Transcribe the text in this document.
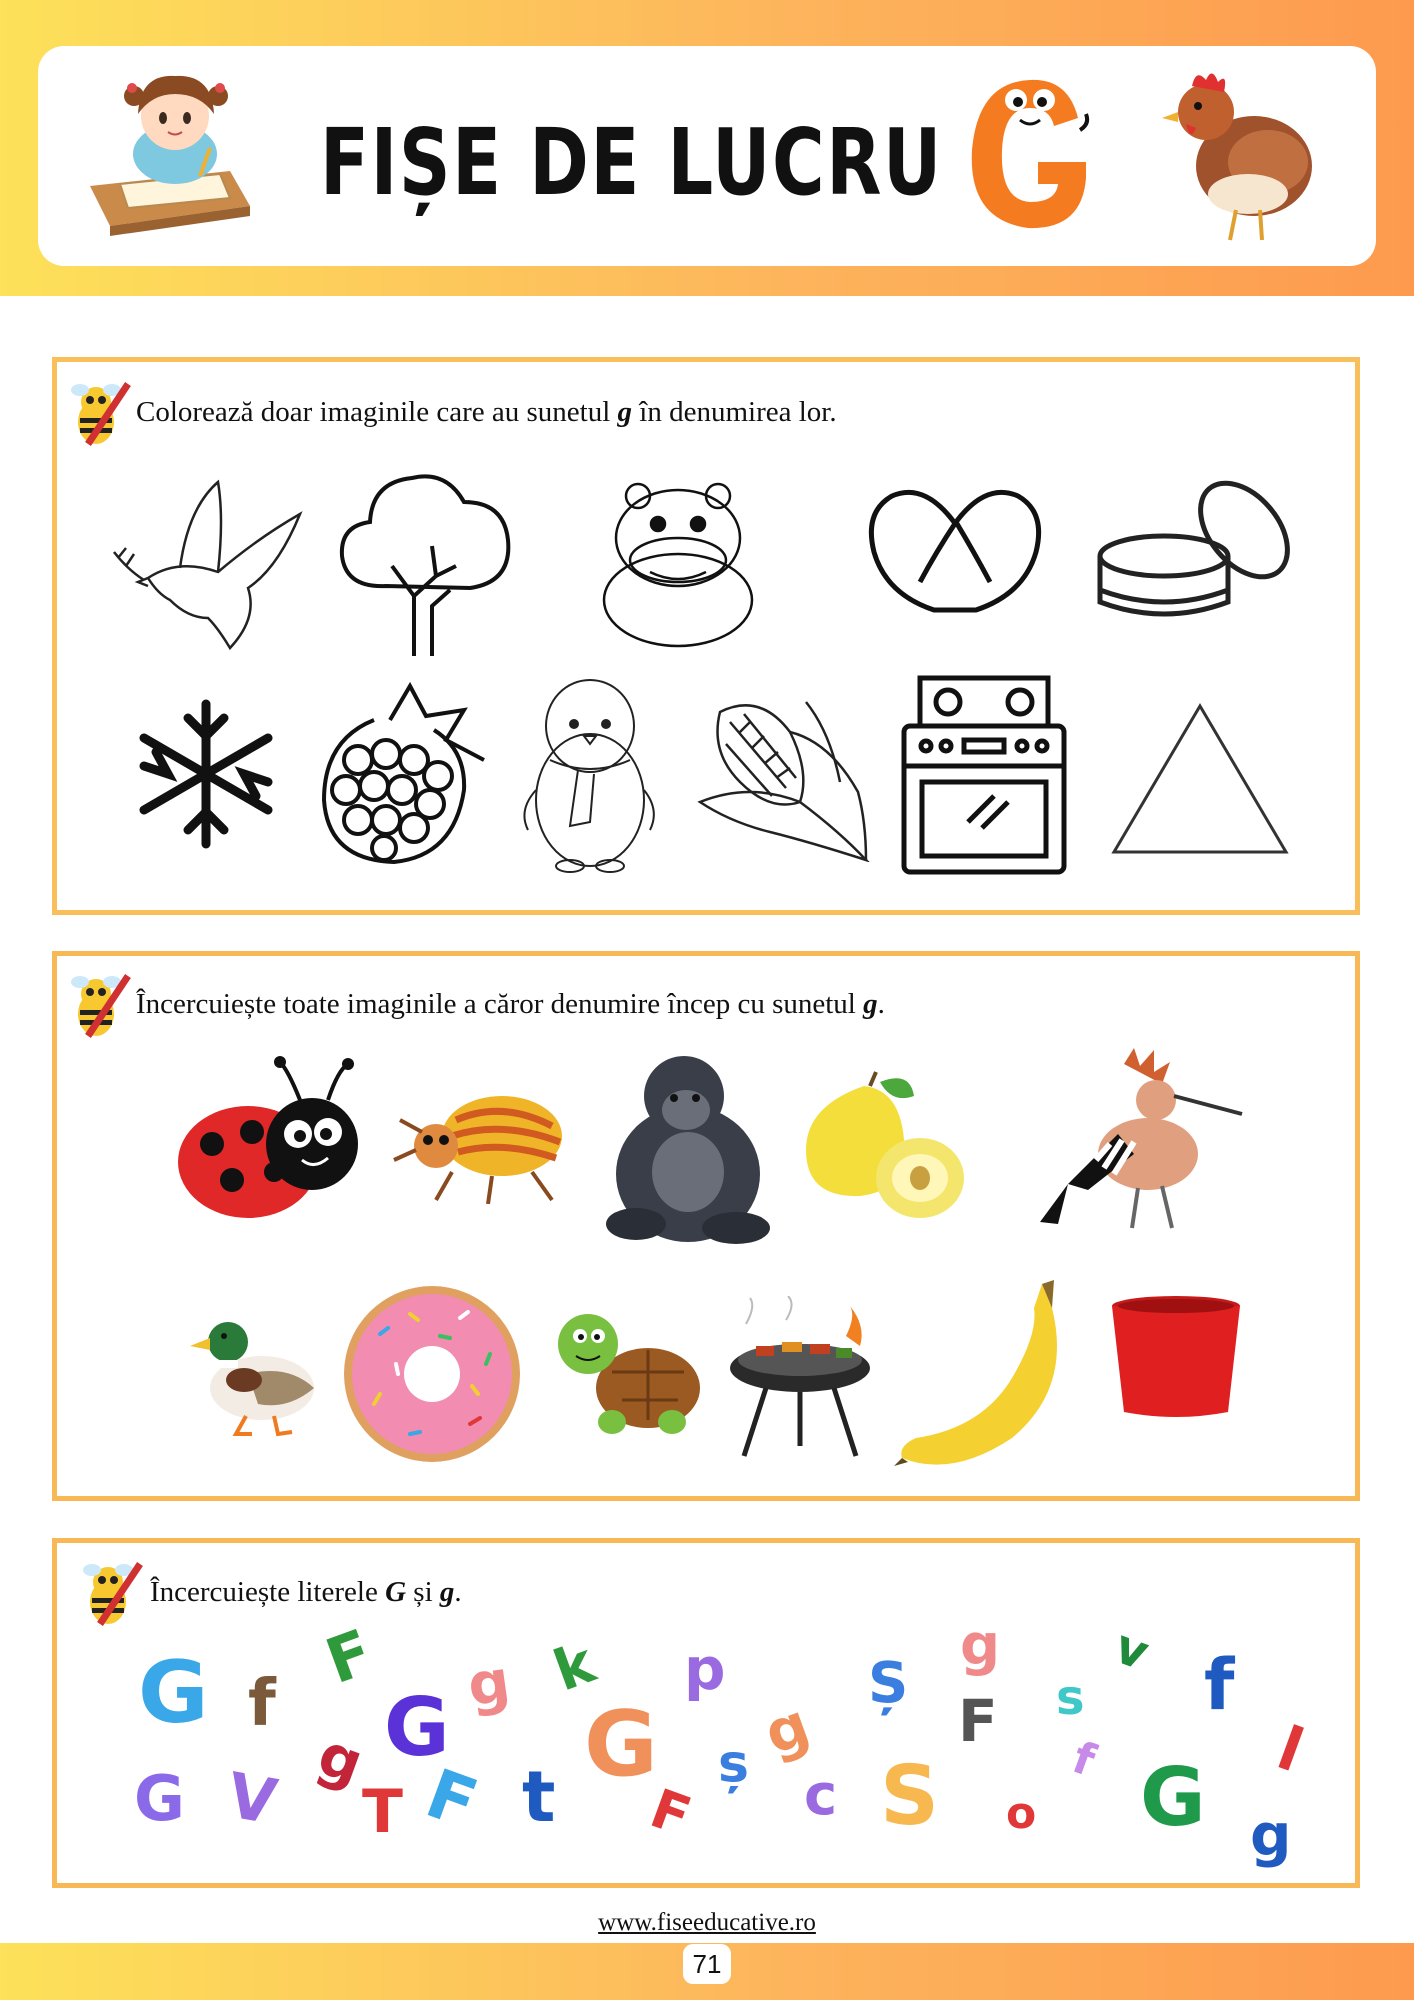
FIȘE DE LUCRU
Colorează doar imaginile care au sunetul g în denumirea lor.
Încercuiește toate imaginile a căror denumire încep cu sunetul g.
Încercuiește literele G și g.
G f
F
G g k p	Ș
g
F s
v f
G V g
T F t G
F
ș g
c S o
f G
l
g
www.fiseeducative.ro
71
